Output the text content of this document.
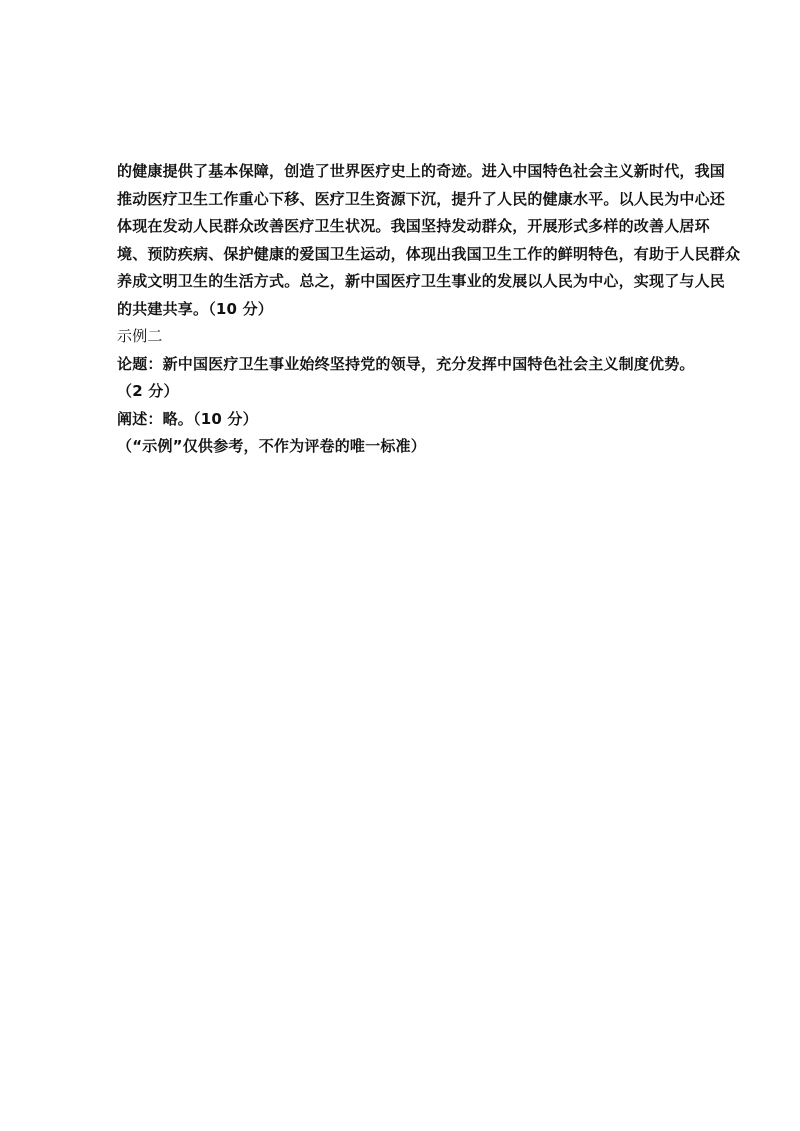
的健康提供了基本保障，创造了世界医疗史上的奇迹。进入中国特色社会主义新时代，我国
推动医疗卫生工作重心下移、医疗卫生资源下沉，提升了人民的健康水平。以人民为中心还
体现在发动人民群众改善医疗卫生状况。我国坚持发动群众，开展形式多样的改善人居环
境、预防疾病、保护健康的爱国卫生运动，体现出我国卫生工作的鲜明特色，有助于人民群众
养成文明卫生的生活方式。总之，新中国医疗卫生事业的发展以人民为中心，实现了与人民
的共建共享。（10 分）
示例二
论题：新中国医疗卫生事业始终坚持党的领导，充分发挥中国特色社会主义制度优势。
（2 分）
阐述：略。（10 分）
（“示例”仅供参考，不作为评卷的唯一标准）
